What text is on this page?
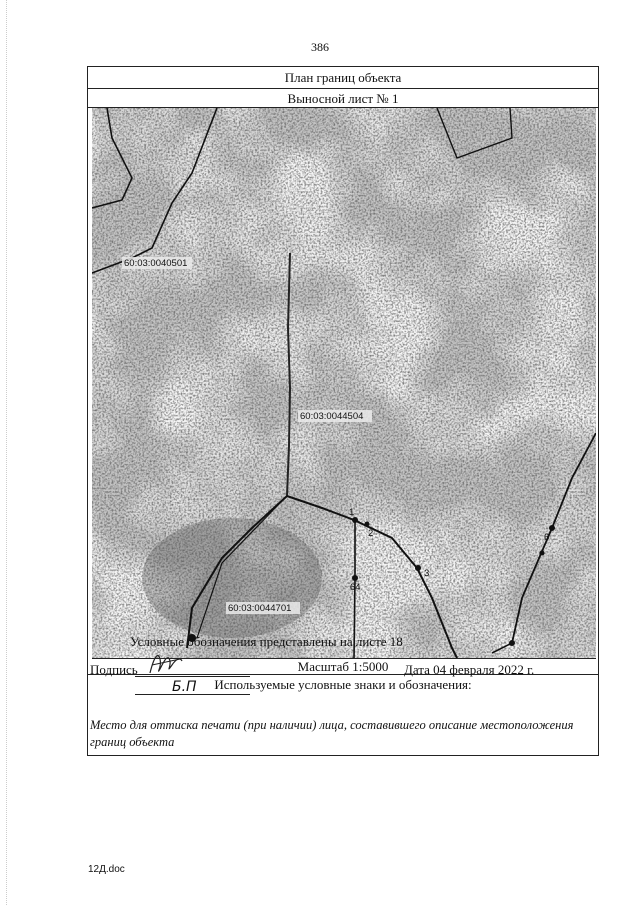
386
План границ объекта
Выносной лист № 1
60:03:0040501
60:03:0044504
60:03:0044701
1
2
3
6
64
Масштаб 1:5000
Используемые условные знаки и обозначения:
Условные обозначения представлены на листе 18
Подпись
Б.П
Дата 04 февраля 2022 г.
Место для оттиска печати (при наличии) лица, составившего описание местоположения границ объекта
12Д.doc
